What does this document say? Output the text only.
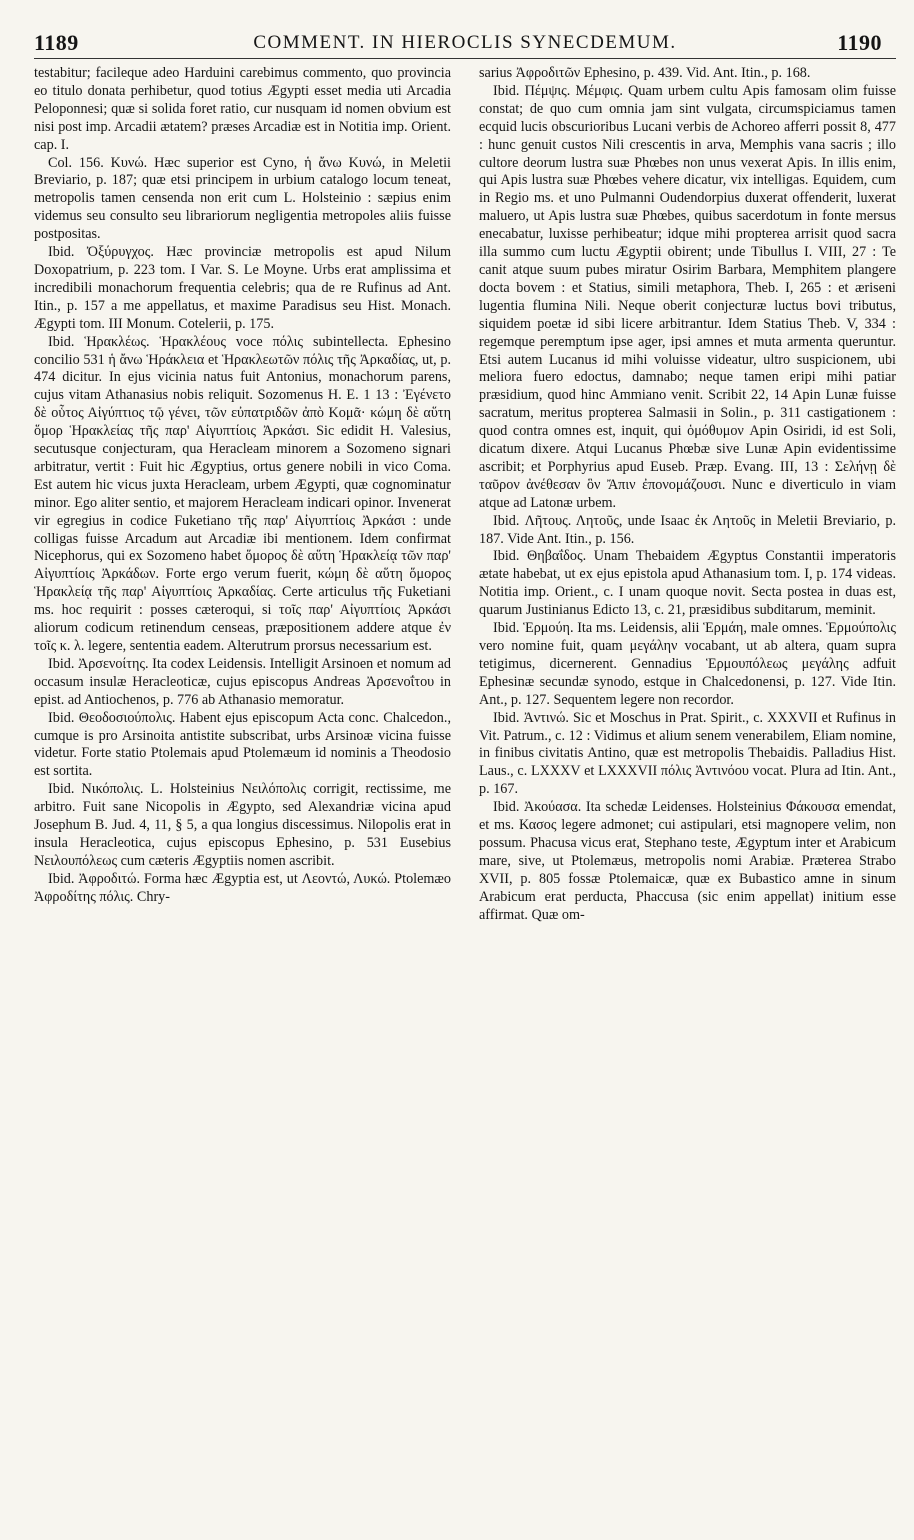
1189	COMMENT. IN HIEROCLIS SYNECDEMUM.	1190

testabitur; facileque adeo Harduini carebimus commento, quo provincia eo titulo donata perhibetur, quod totius Ægypti esset media uti Arcadia Peloponnesi; quæ si solida foret ratio, cur nusquam id nomen obvium est nisi post imp. Arcadii ætatem? præses Arcadiæ est in Notitia imp. Orient. cap. I.

Col. 156. Κυνώ. Hæc superior est Cyno, ἡ ἄνω Κυνώ, in Meletii Breviario, p. 187; quæ etsi principem in urbium catalogo locum teneat, metropolis tamen censenda non erit cum L. Holsteinio : sæpius enim videmus seu consulto seu librariorum negligentia metropoles aliis fuisse postpositas.

Ibid. Ὀξύρυγχος. Hæc provinciæ metropolis est apud Nilum Doxopatrium, p. 223 tom. I Var. S. Le Moyne. Urbs erat amplissima et incredibili monachorum frequentia celebris; qua de re Rufinus ad Ant. Itin., p. 157 a me appellatus, et maxime Paradisus seu Hist. Monach. Ægypti tom. III Monum. Cotelerii, p. 175.

Ibid. Ἡρακλέως. Ἡρακλέους voce πόλις subintellecta. Ephesino concilio 531 ἡ ἄνω Ἡράκλεια et Ἡρακλεωτῶν πόλις τῆς Ἀρκαδίας, ut, p. 474 dicitur. In ejus vicinia natus fuit Antonius, monachorum parens, cujus vitam Athanasius nobis reliquit. Sozomenus H. E. 1 13 : Ἐγένετο δὲ οὗτος Αἰγύπτιος τῷ γένει, τῶν εὐπατριδῶν ἀπὸ Κομᾶ· κώμη δὲ αὕτη ὅμορ Ἡρακλείας τῆς παρ' Αἰγυπτίοις Ἀρκάσι. Sic edidit H. Valesius, secutusque conjecturam, qua Heracleam minorem a Sozomeno signari arbitratur, vertit : Fuit hic Ægyptius, ortus genere nobili in vico Coma. Est autem hic vicus juxta Heracleam, urbem Ægypti, quæ cognominatur minor. Ego aliter sentio, et majorem Heracleam indicari opinor. Invenerat vir egregius in codice Fuketiano τῆς παρ' Αἰγυπτίοις Ἀρκάσι : unde colligas fuisse Arcadum aut Arcadiæ ibi mentionem. Idem confirmat Nicephorus, qui ex Sozomeno habet ὅμορος δὲ αὕτη Ἡρακλείᾳ τῶν παρ' Αἰγυπτίοις Ἀρκάδων. Forte ergo verum fuerit, κώμη δὲ αὕτη ὅμορος Ἡρακλείᾳ τῆς παρ' Αἰγυπτίοις Ἀρκαδίας. Certe articulus τῆς Fuketiani ms. hoc requirit : posses cæteroqui, si τοῖς παρ' Αἰγυπτίοις Ἀρκάσι aliorum codicum retinendum censeas, præpositionem addere atque ἐν τοῖς κ. λ. legere, sententia eadem. Alterutrum prorsus necessarium est.

Ibid. Ἀρσενοίτης. Ita codex Leidensis. Intelligit Arsinoen et nomum ad occasum insulæ Heracleoticæ, cujus episcopus Andreas Ἀρσενοΐτου in epist. ad Antiochenos, p. 776 ab Athanasio memoratur.

Ibid. Θεοδοσιούπολις. Habent ejus episcopum Acta conc. Chalcedon., cumque is pro Arsinoita antistite subscribat, urbs Arsinoæ vicina fuisse videtur. Forte statio Ptolemais apud Ptolemæum id nominis a Theodosio est sortita.

Ibid. Νικόπολις. L. Holsteinius Νειλόπολις corrigit, rectissime, me arbitro. Fuit sane Nicopolis in Ægypto, sed Alexandriæ vicina apud Josephum B. Jud. 4, 11, § 5, a qua longius discessimus. Nilopolis erat in insula Heracleotica, cujus episcopus Ephesino, p. 531 Eusebius Νειλουπόλεως cum cæteris Ægyptiis nomen ascribit.

Ibid. Ἀφροδιτώ. Forma hæc Ægyptia est, ut Λεοντώ, Λυκώ. Ptolemæo Ἀφροδίτης πόλις. Chry-

sarius Ἀφροδιτῶν Ephesino, p. 439. Vid. Ant. Itin., p. 168.

Ibid. Πέμψις. Μέμφις. Quam urbem cultu Apis famosam olim fuisse constat; de quo cum omnia jam sint vulgata, circumspiciamus tamen ecquid lucis obscurioribus Lucani verbis de Achoreo afferri possit 8, 477 : hunc genuit custos Nili crescentis in arva, Memphis vana sacris ; illo cultore deorum lustra suæ Phœbes non unus vexerat Apis. In illis enim, qui Apis lustra suæ Phœbes vehere dicatur, vix intelligas. Equidem, cum in Regio ms. et uno Pulmanni Oudendorpius duxerat offenderit, luxerat maluero, ut Apis lustra suæ Phœbes, quibus sacerdotum in fonte mersus enecabatur, luxisse perhibeatur; idque mihi propterea arrisit quod sacra illa summo cum luctu Ægyptii obirent; unde Tibullus I. VIII, 27 : Te canit atque suum pubes miratur Osirim Barbara, Memphitem plangere docta bovem : et Statius, simili metaphora, Theb. I, 265 : et æriseni lugentia flumina Nili. Neque oberit conjecturæ luctus bovi tributus, siquidem poetæ id sibi licere arbitrantur. Idem Statius Theb. V, 334 : regemque peremptum ipse ager, ipsi amnes et muta armenta queruntur. Etsi autem Lucanus id mihi voluisse videatur, ultro suspicionem, ubi meliora fuero edoctus, damnabo; neque tamen eripi mihi patiar præsidium, quod hinc Ammiano venit. Scribit 22, 14 Apin Lunæ fuisse sacratum, meritus propterea Salmasii in Solin., p. 311 castigationem : quod contra omnes est, inquit, qui ὁμόθυμον Apin Osiridi, id est Soli, dicatum dixere. Atqui Lucanus Phœbæ sive Lunæ Apin evidentissime ascribit; et Porphyrius apud Euseb. Præp. Evang. III, 13 : Σελήνῃ δὲ ταῦρον ἀνέθεσαν ὃν Ἄπιν ἐπονομάζουσι. Nunc e diverticulo in viam atque ad Latonæ urbem.

Ibid. Λῆτους. Λητοῦς, unde Isaac ἐκ Λητοῦς in Meletii Breviario, p. 187. Vide Ant. Itin., p. 156.

Ibid. Θηβαΐδος. Unam Thebaidem Ægyptus Constantii imperatoris ætate habebat, ut ex ejus epistola apud Athanasium tom. I, p. 174 videas. Notitia imp. Orient., c. I unam quoque novit. Secta postea in duas est, quarum Justinianus Edicto 13, c. 21, præsidibus subditarum, meminit.

Ibid. Ἑρμούη. Ita ms. Leidensis, alii Ἑρμάη, male omnes. Ἑρμούπολις vero nomine fuit, quam μεγάλην vocabant, ut ab altera, quam supra tetigimus, dicernerent. Gennadius Ἑρμουπόλεως μεγάλης adfuit Ephesinæ secundæ synodo, estque in Chalcedonensi, p. 127. Vide Itin. Ant., p. 127. Sequentem legere non recordor.

Ibid. Ἀντινώ. Sic et Moschus in Prat. Spirit., c. XXXVII et Rufinus in Vit. Patrum., c. 12 : Vidimus et alium senem venerabilem, Eliam nomine, in finibus civitatis Antino, quæ est metropolis Thebaidis. Palladius Hist. Laus., c. LXXXV et LXXXVII πόλις Ἀντινόου vocat. Plura ad Itin. Ant., p. 167.

Ibid. Ἀκούασα. Ita schedæ Leidenses. Holsteinius Φάκουσα emendat, et ms. Κασος legere admonet; cui astipulari, etsi magnopere velim, non possum. Phacusa vicus erat, Stephano teste, Ægyptum inter et Arabicum mare, sive, ut Ptolemæus, metropolis nomi Arabiæ. Præterea Strabo XVII, p. 805 fossæ Ptolemaicæ, quæ ex Bubastico amne in sinum Arabicum erat perducta, Phaccusa (sic enim appellat) initium esse affirmat. Quæ om-
